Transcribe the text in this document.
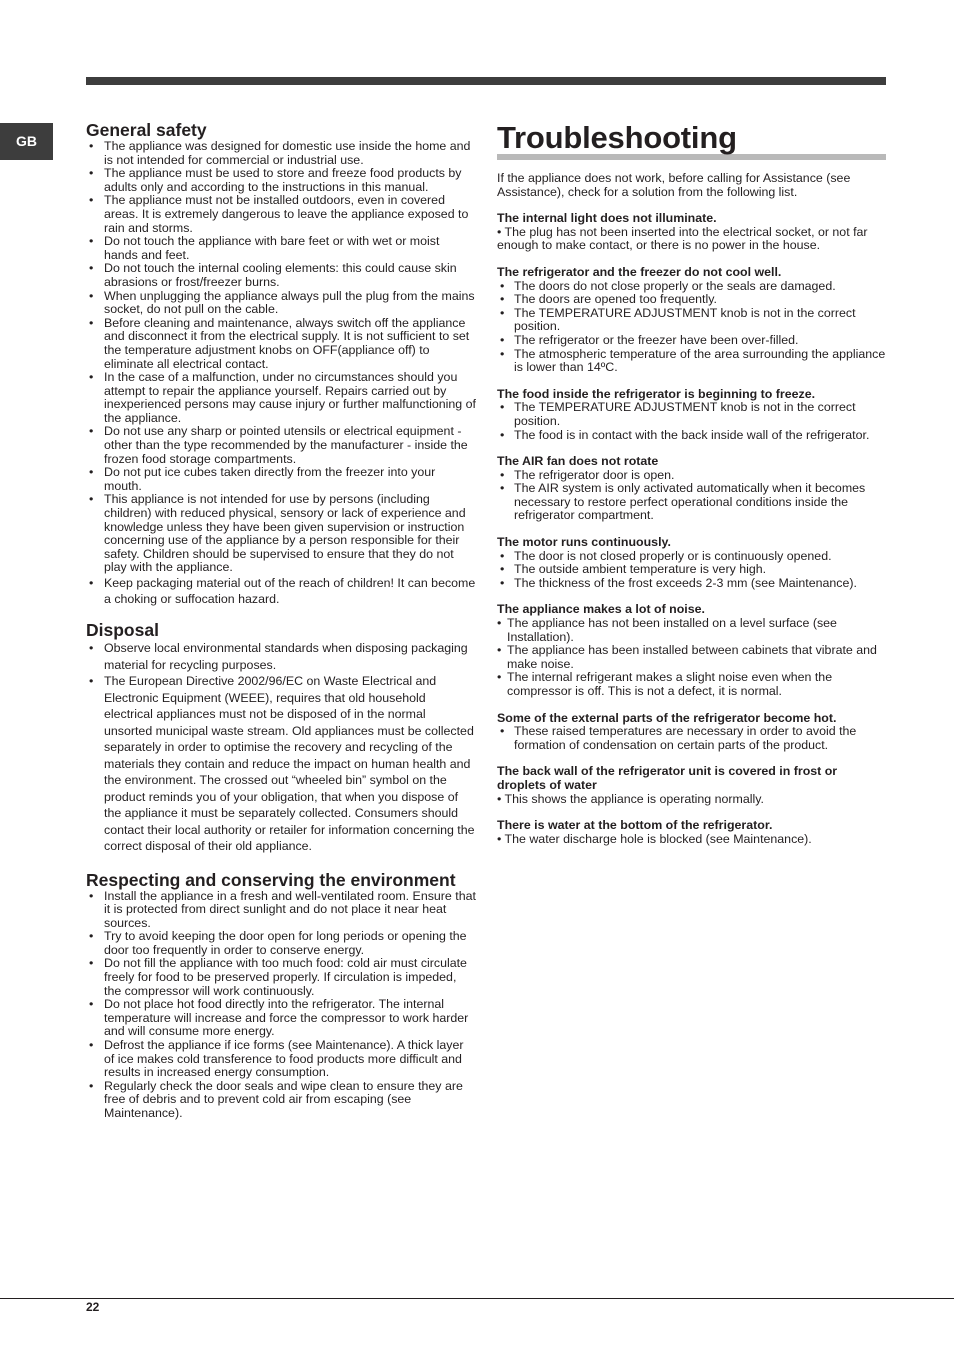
GB
General safety
• The appliance was designed for domestic use inside the home and is not intended for commercial or industrial use.
• The appliance must be used to store and freeze food products by adults only and according to the instructions in this manual.
• The appliance must not be installed outdoors, even in covered areas. It is extremely dangerous to leave the appliance exposed to rain and storms.
• Do not touch the appliance with bare feet or with wet or moist hands and feet.
• Do not touch the internal cooling elements: this could cause skin abrasions or frost/freezer burns.
• When unplugging the appliance always pull the plug from the mains socket, do not pull on the cable.
• Before cleaning and maintenance, always switch off the appliance and disconnect it from the electrical supply. It is not sufficient to set the temperature adjustment knobs on OFF(appliance off) to eliminate all electrical contact.
• In the case of a malfunction, under no circumstances should you attempt to repair the appliance yourself. Repairs carried out by inexperienced persons may cause injury or further malfunctioning of the appliance.
• Do not use any sharp or pointed utensils or electrical equipment - other than the type recommended by the manufacturer - inside the frozen food storage compartments.
• Do not put ice cubes taken directly from the freezer into your mouth.
• This appliance is not intended for use by persons (including children) with reduced physical, sensory or lack of experience and knowledge unless they have been given supervision or instruction concerning use of the appliance by a person responsible for their safety. Children should be supervised to ensure that they do not play with the appliance.
• Keep packaging material out of the reach of children! It can become a choking or suffocation hazard.
Disposal
• Observe local environmental standards when disposing packaging material for recycling purposes.
• The European Directive 2002/96/EC on Waste Electrical and Electronic Equipment (WEEE), requires that old household electrical appliances must not be disposed of in the normal unsorted municipal waste stream. Old appliances must be collected separately in order to optimise the recovery and recycling of the materials they contain and reduce the impact on human health and the environment. The crossed out “wheeled bin” symbol on the product reminds you of your obligation, that when you dispose of the appliance it must be separately collected. Consumers should contact their local authority or retailer for information concerning the correct disposal of their old appliance.
Respecting and conserving the environment
• Install the appliance in a fresh and well-ventilated room. Ensure that it is protected from direct sunlight and do not place it near heat sources.
• Try to avoid keeping the door open for long periods or opening the door too frequently in order to conserve energy.
• Do not fill the appliance with too much food: cold air must circulate freely for food to be preserved properly. If circulation is impeded, the compressor will work continuously.
• Do not place hot food directly into the refrigerator. The internal temperature will increase and force the compressor to work harder and will consume more energy.
• Defrost the appliance if ice forms (see Maintenance). A thick layer of ice makes cold transference to food products more difficult and results in increased energy consumption.
• Regularly check the door seals and wipe clean to ensure they are free of debris and to prevent cold air from escaping (see Maintenance).
Troubleshooting

If the appliance does not work, before calling for Assistance (see Assistance), check for a solution from the following list.

The internal light does not illuminate.

• The plug has not been inserted into the electrical socket, or not far enough to make contact, or there is no power in the house.

The refrigerator and the freezer do not cool well.
• The doors do not close properly or the seals are damaged.
• The doors are opened too frequently.
• The TEMPERATURE ADJUSTMENT knob is not in the correct position.
• The refrigerator or the freezer have been over-filled.
• The atmospheric temperature of the area surrounding the appliance is lower than 14ºC.
The food inside the refrigerator is beginning to freeze.
• The TEMPERATURE ADJUSTMENT knob is not in the correct position.
• The food is in contact with the back inside wall of the refrigerator.
The AIR fan does not rotate
• The refrigerator door is open.
• The AIR system is only activated automatically when it becomes necessary to restore perfect operational conditions inside the refrigerator compartment.
The motor runs continuously.
• The door is not closed properly or is continuously opened.
• The outside ambient temperature is very high.
• The thickness of the frost exceeds 2-3 mm (see Maintenance).
The appliance makes a lot of noise.
• The appliance has not been installed on a level surface (see Installation).
• The appliance has been installed between cabinets that vibrate and make noise.
• The internal refrigerant makes a slight noise even when the compressor is off. This is not a defect, it is normal.
Some of the external parts of the refrigerator become hot.
• These raised temperatures are necessary in order to avoid the formation of condensation on certain parts of the product.
The back wall of the refrigerator unit is covered in frost or droplets of water

• This shows the appliance is operating normally.

There is water at the bottom of the refrigerator.

• The water discharge hole is blocked (see Maintenance).

22
